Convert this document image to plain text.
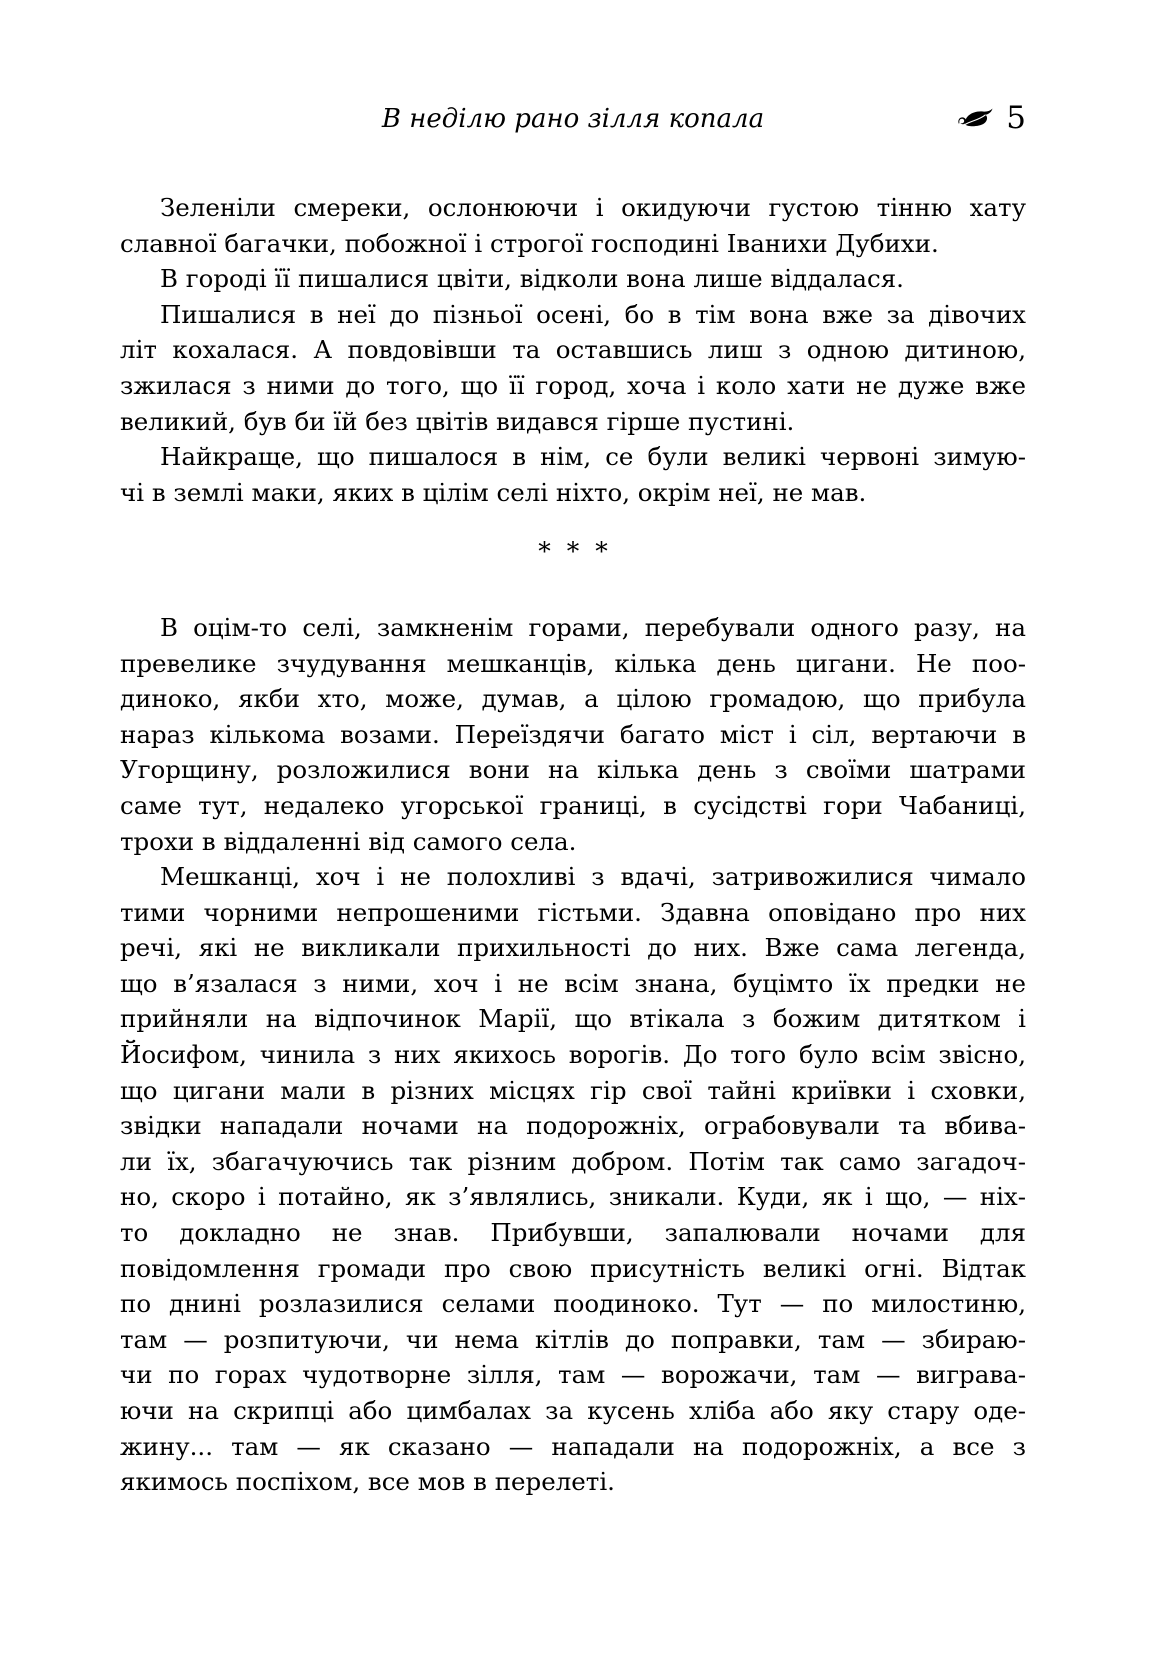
В неділю рано зілля копала	5
Зеленіли смереки, ослонюючи і окидуючи густою тінню хату
славної багачки, побожної і строгої господині Іванихи Дубихи.
В городі її пишалися цвіти, відколи вона лише віддалася.
Пишалися в неї до пізньої осені, бо в тім вона вже за дівочих
літ кохалася. А повдовівши та оставшись лиш з одною дитиною,
зжилася з ними до того, що її город, хоча і коло хати не дуже вже
великий, був би їй без цвітів видався гірше пустині.
Найкраще, що пишалося в нім, се були великі червоні зимую-
чі в землі маки, яких в цілім селі ніхто, окрім неї, не мав.
* * *
В оцім-то селі, замкненім горами, перебували одного разу, на
превелике зчудування мешканців, кілька день цигани. Не поо-
диноко, якби хто, може, думав, а цілою громадою, що прибула
нараз кількома возами. Переїздячи багато міст і сіл, вертаючи в
Угорщину, розложилися вони на кілька день з своїми шатрами
саме тут, недалеко угорської границі, в сусідстві гори Чабаниці,
трохи в віддаленні від самого села.
Мешканці, хоч і не полохливі з вдачі, затривожилися чимало
тими чорними непрошеними гістьми. Здавна оповідано про них
речі, які не викликали прихильності до них. Вже сама легенда,
що в’язалася з ними, хоч і не всім знана, буцімто їх предки не
прийняли на відпочинок Марії, що втікала з божим дитятком і
Йосифом, чинила з них якихось ворогів. До того було всім звісно,
що цигани мали в різних місцях гір свої тайні криївки і сховки,
звідки нападали ночами на подорожніх, ограбовували та вбива-
ли їх, збагачуючись так різним добром. Потім так само загадоч-
но, скоро і потайно, як з’являлись, зникали. Куди, як і що, — ніх-
то докладно не знав. Прибувши, запалювали ночами для
повідомлення громади про свою присутність великі огні. Відтак
по днині розлазилися селами поодиноко. Тут — по милостиню,
там — розпитуючи, чи нема кітлів до поправки, там — збираю-
чи по горах чудотворне зілля, там — ворожачи, там — виграва-
ючи на скрипці або цимбалах за кусень хліба або яку стару оде-
жину... там — як сказано — нападали на подорожніх, а все з
якимось поспіхом, все мов в перелеті.
